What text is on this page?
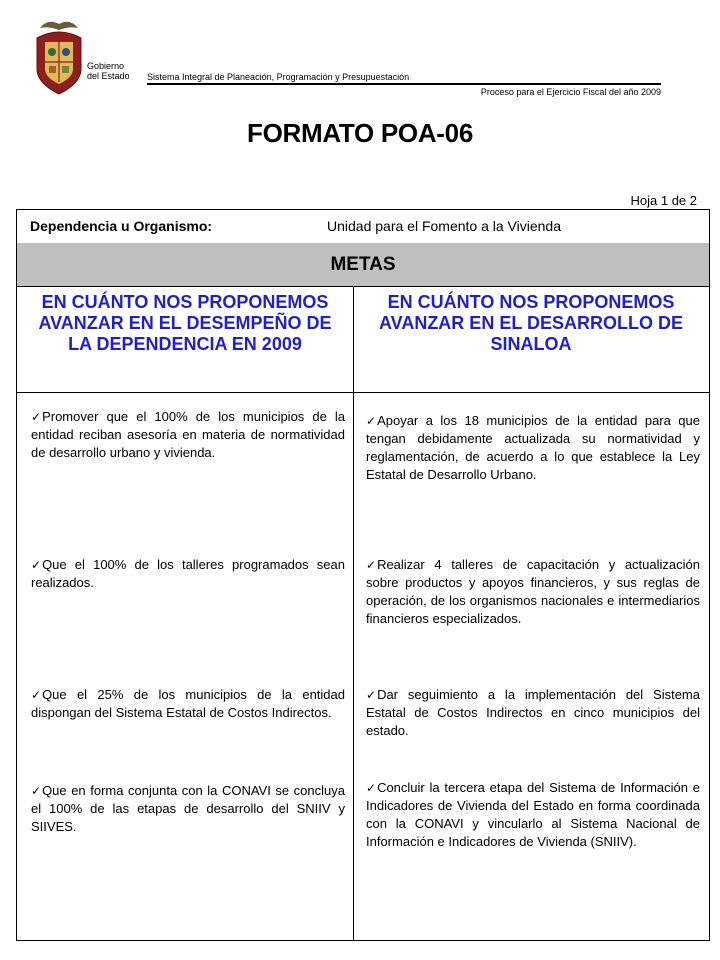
Gobierno
del Estado Sistema Integral de Planeación, Programación y Presupuestación
Proceso para el Ejercicio Fiscal del año 2009
FORMATO POA-06
Hoja 1 de 2
Dependencia u Organismo:	Unidad para el Fomento a la Vivienda
METAS
EN CUÁNTO NOS PROPONEMOS AVANZAR EN EL DESEMPEÑO DE LA DEPENDENCIA EN 2009
EN CUÁNTO NOS PROPONEMOS AVANZAR EN EL DESARROLLO DE SINALOA
✓Promover que el 100% de los municipios de la entidad reciban asesoría en materia de normatividad de desarrollo urbano y vivienda.
✓Que el 100% de los talleres programados sean realizados.
✓Que el 25% de los municipios de la entidad dispongan del Sistema Estatal de Costos Indirectos.
✓Que en forma conjunta con la CONAVI se concluya el 100% de las etapas de desarrollo del SNIIV y SIIVES.
✓Apoyar a los 18 municipios de la entidad para que tengan debidamente actualizada su normatividad y reglamentación, de acuerdo a lo que establece la Ley Estatal de Desarrollo Urbano.
✓Realizar 4 talleres de capacitación y actualización sobre productos y apoyos financieros, y sus reglas de operación, de los organismos nacionales e intermediarios financieros especializados.
✓Dar seguimiento a la implementación del Sistema Estatal de Costos Indirectos en cinco municipios del estado.
✓Concluir la tercera etapa del Sistema de Información e Indicadores de Vivienda del Estado en forma coordinada con la CONAVI y vincularlo al Sistema Nacional de Información e Indicadores de Vivienda (SNIIV).
